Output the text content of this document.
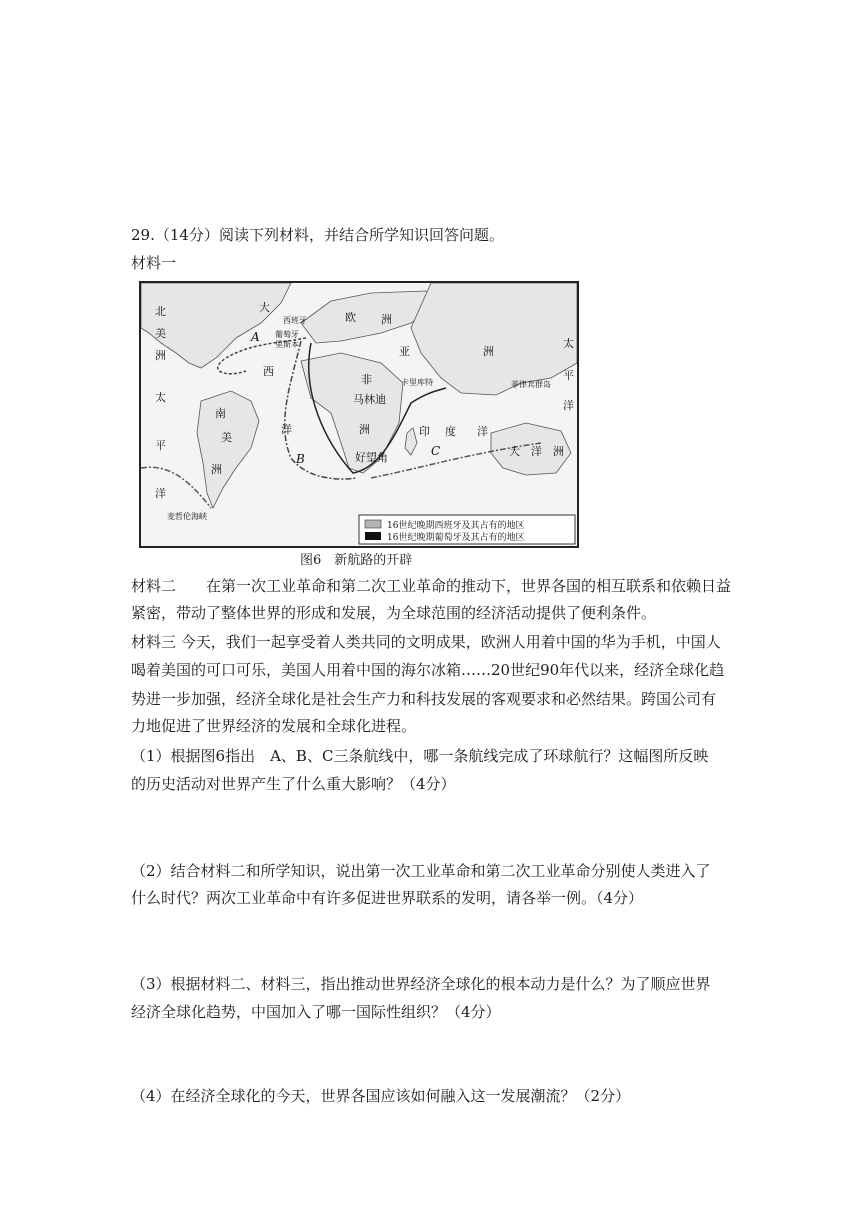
29.（14分）阅读下列材料，并结合所学知识回答问题。
材料一
北
美
洲
大
西
洋
太
平
洋
南
美
洲
欧 洲
亚	洲
非
洲	印 度 洋
太
平
洋
大　洋　洲
西班牙
葡萄牙
里斯本
马林迪
卡里库特	菲律宾群岛
好望角
麦哲伦海峡
A
B
C
16世纪晚期西班牙及其占有的地区
16世纪晚期葡萄牙及其占有的地区
图6　新航路的开辟
材料二　　在第一次工业革命和第二次工业革命的推动下，世界各国的相互联系和依赖日益
紧密，带动了整体世界的形成和发展，为全球范围的经济活动提供了便利条件。
材料三 今天，我们一起享受着人类共同的文明成果，欧洲人用着中国的华为手机，中国人
喝着美国的可口可乐，美国人用着中国的海尔冰箱……20世纪90年代以来，经济全球化趋
势进一步加强，经济全球化是社会生产力和科技发展的客观要求和必然结果。跨国公司有
力地促进了世界经济的发展和全球化进程。
（1）根据图6指出　A、B、C三条航线中，哪一条航线完成了环球航行？这幅图所反映
的历史活动对世界产生了什么重大影响？（4分）
（2）结合材料二和所学知识，说出第一次工业革命和第二次工业革命分别使人类进入了
什么时代？两次工业革命中有许多促进世界联系的发明，请各举一例。（4分）
（3）根据材料二、材料三，指出推动世界经济全球化的根本动力是什么？为了顺应世界
经济全球化趋势，中国加入了哪一国际性组织？（4分）
（4）在经济全球化的今天，世界各国应该如何融入这一发展潮流？（2分）
